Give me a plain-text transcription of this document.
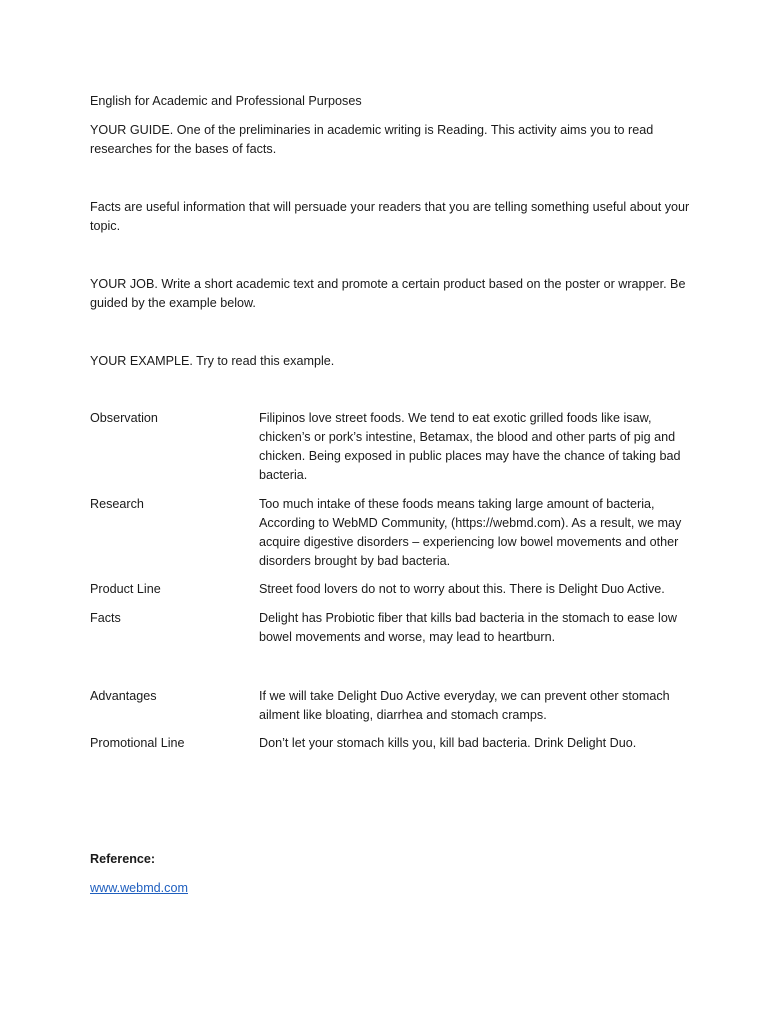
English for Academic and Professional Purposes

YOUR GUIDE. One of the preliminaries in academic writing is Reading. This activity aims you to read researches for the bases of facts.

Facts are useful information that will persuade your readers that you are telling something useful about your topic.

YOUR JOB. Write a short academic text and promote a certain product based on the poster or wrapper. Be guided by the example below.

YOUR EXAMPLE. Try to read this example.

Observation	Filipinos love street foods. We tend to eat exotic grilled foods like isaw, chicken’s or pork’s intestine, Betamax, the blood and other parts of pig and chicken. Being exposed in public places may have the chance of taking bad bacteria.

Research	Too much intake of these foods means taking large amount of bacteria, According to WebMD Community, (https://webmd.com). As a result, we may acquire digestive disorders – experiencing low bowel movements and other disorders brought by bad bacteria.

Product Line	Street food lovers do not to worry about this. There is Delight Duo Active.

Facts	Delight has Probiotic fiber that kills bad bacteria in the stomach to ease low bowel movements and worse, may lead to heartburn.

Advantages	If we will take Delight Duo Active everyday, we can prevent other stomach ailment like bloating, diarrhea and stomach cramps.

Promotional Line	Don’t let your stomach kills you, kill bad bacteria. Drink Delight Duo.

Reference:

www.webmd.com
